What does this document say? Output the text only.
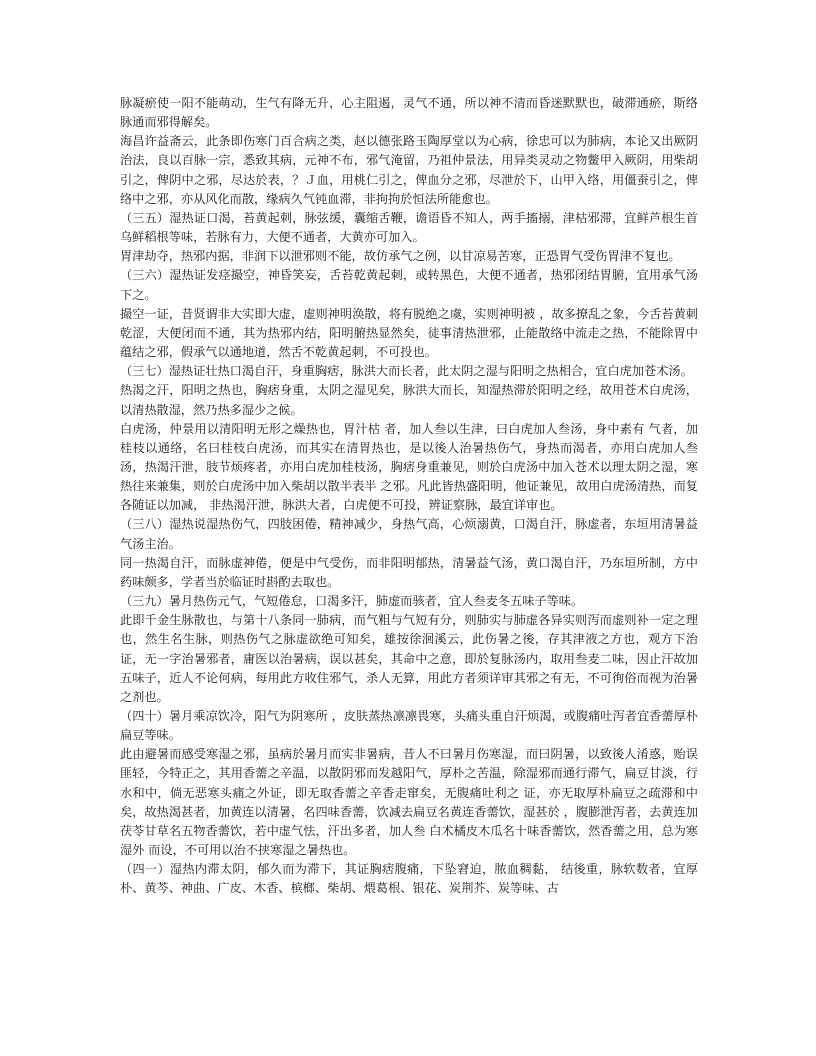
脉凝瘀使一阳不能萌动，生气有降无升，心主阻遏，灵气不通，所以神不清而昏迷默默也，破滞通瘀，斯络脉通而邪得解矣。

海昌许益斋云，此条即伤寒门百合病之类，赵以德张路玉陶厚堂以为心病，徐忠可以为肺病，本论又出厥阴治法，良以百脉一宗，悉致其病，元神不布，邪气淹留，乃祖仲景法，用异类灵动之物鳖甲入厥阴，用柴胡引之，俾阴中之邪，尽达於表，？Ｊ血，用桃仁引之，俾血分之邪，尽泄於下，山甲入络，用僵蚕引之，俾络中之邪，亦从风化而散，缘病久气钝血滞，非拘拘於恒法所能愈也。

（三五）湿热证口渴，苔黄起刺，脉弦缓，囊缩舌鞭，谵语昏不知人，两手搐搦，津枯邪滞，宜鲜芦根生首乌鲜稻根等味，若脉有力，大便不通者，大黄亦可加入。

胃津劫夺，热邪内据，非润下以泄邪则不能，故仿承气之例，以甘凉易苦寒，正恐胃气受伤胃津不复也。

（三六）湿热证发痉撮空，神昏笑妄，舌苔乾黄起刺，或转黑色，大便不通者，热邪闭结胃腑，宜用承气汤下之。

撮空一证，昔贤谓非大实即大虚，虚则神明涣散，将有脱绝之虞，实则神明被 ，故多撩乱之象，今舌苔黄刺乾涩，大便闭而不通，其为热邪内结，阳明腑热显然矣，徒事清热泄邪，止能散络中流走之热，不能除胃中蕴结之邪，假承气以通地道，然舌不乾黄起刺，不可投也。

（三七）湿热证壮热口渴自汗，身重胸痞，脉洪大而长者，此太阴之湿与阳明之热相合，宜白虎加苍术汤。

热渴之汗，阳明之热也，胸痞身重，太阴之湿见矣，脉洪大而长，知湿热滞於阳明之经，故用苍术白虎汤，以清热散湿，然乃热多湿少之候。

白虎汤，仲景用以清阳明无形之燥热也，胃汁枯 者，加人叁以生津，曰白虎加人叁汤，身中素有 气者，加桂枝以通络，名曰桂枝白虎汤，而其实在清胃热也，是以後人治暑热伤气，身热而渴者，亦用白虎加人叁汤，热渴汗泄，肢节烦疼者，亦用白虎加桂枝汤，胸痞身重兼见，则於白虎汤中加入苍术以理太阴之湿，寒热往来兼集，则於白虎汤中加入柴胡以散半表半 之邪。凡此皆热盛阳明，他证兼见，故用白虎汤清热，而复各随证以加减， 非热渴汗泄，脉洪大者，白虎便不可投，辨证察脉，最宜详审也。

（三八）湿热说湿热伤气，四肢困倦，精神减少，身热气高，心烦溺黄，口渴自汗，脉虚者，东垣用清暑益气汤主治。

同一热渴自汗，而脉虚神倦，便是中气受伤，而非阳明郁热，清暑益气汤，黄口渴自汗，乃东垣所制，方中药味颇多，学者当於临证时斟酌去取也。

（三九）暑月热伤元气，气短倦怠，口渴多汗，肺虚而骇者，宜人叁麦冬五味子等味。

此即千金生脉散也，与第十八条同一肺病，而气粗与气短有分，则肺实与肺虚各异实则泻而虚则补一定之理也，然生名生脉，则热伤气之脉虚欲绝可知矣，雄按徐洄溪云，此伤暑之後，存其津液之方也，观方下治证，无一字治暑邪者，庸医以治暑病，误以甚矣，其命中之意，即於复脉汤内，取用叁麦二味，因止汗故加五味子，近人不论何病，每用此方收住邪气，杀人无算，用此方者须详审其邪之有无，不可徇俗而视为治暑之剂也。

（四十）暑月乘凉饮冷，阳气为阴寒所 ，皮肤蒸热凛凛畏寒，头痛头重自汗烦渴，或腹痛吐泻者宜香薷厚朴扁豆等味。

此由避暑而感受寒湿之邪，虽病於暑月而实非暑病，昔人不曰暑月伤寒湿，而曰阴暑，以致後人淆惑，贻误匪轻，今特正之，其用香薷之辛温，以散阴邪而发越阳气，厚朴之苦温，除湿邪而通行滞气，扁豆甘淡，行水和中，倘无恶寒头痛之外证，即无取香薷之辛香走窜矣，无腹痛吐利之 证，亦无取厚朴扁豆之疏滞和中矣，故热渴甚者，加黄连以清暑，名四味香薷，饮减去扁豆名黄连香薷饮，湿甚於 ，腹膨泄泻者，去黄连加茯苓甘草名五物香薷饮，若中虚气怯，汗出多者，加人叁 白术橘皮木瓜名十味香薷饮，然香薷之用，总为寒湿外 而设，不可用以治不挟寒湿之暑热也。

（四一）湿热内滞太阴，郁久而为滞下，其证胸痞腹痛，下坠窘迫，脓血稠黏， 结後重，脉软数者，宜厚朴、黄芩、神曲、广皮、木香、槟榔、柴胡、煨葛根、银花、炭荆芥、炭等味、古
